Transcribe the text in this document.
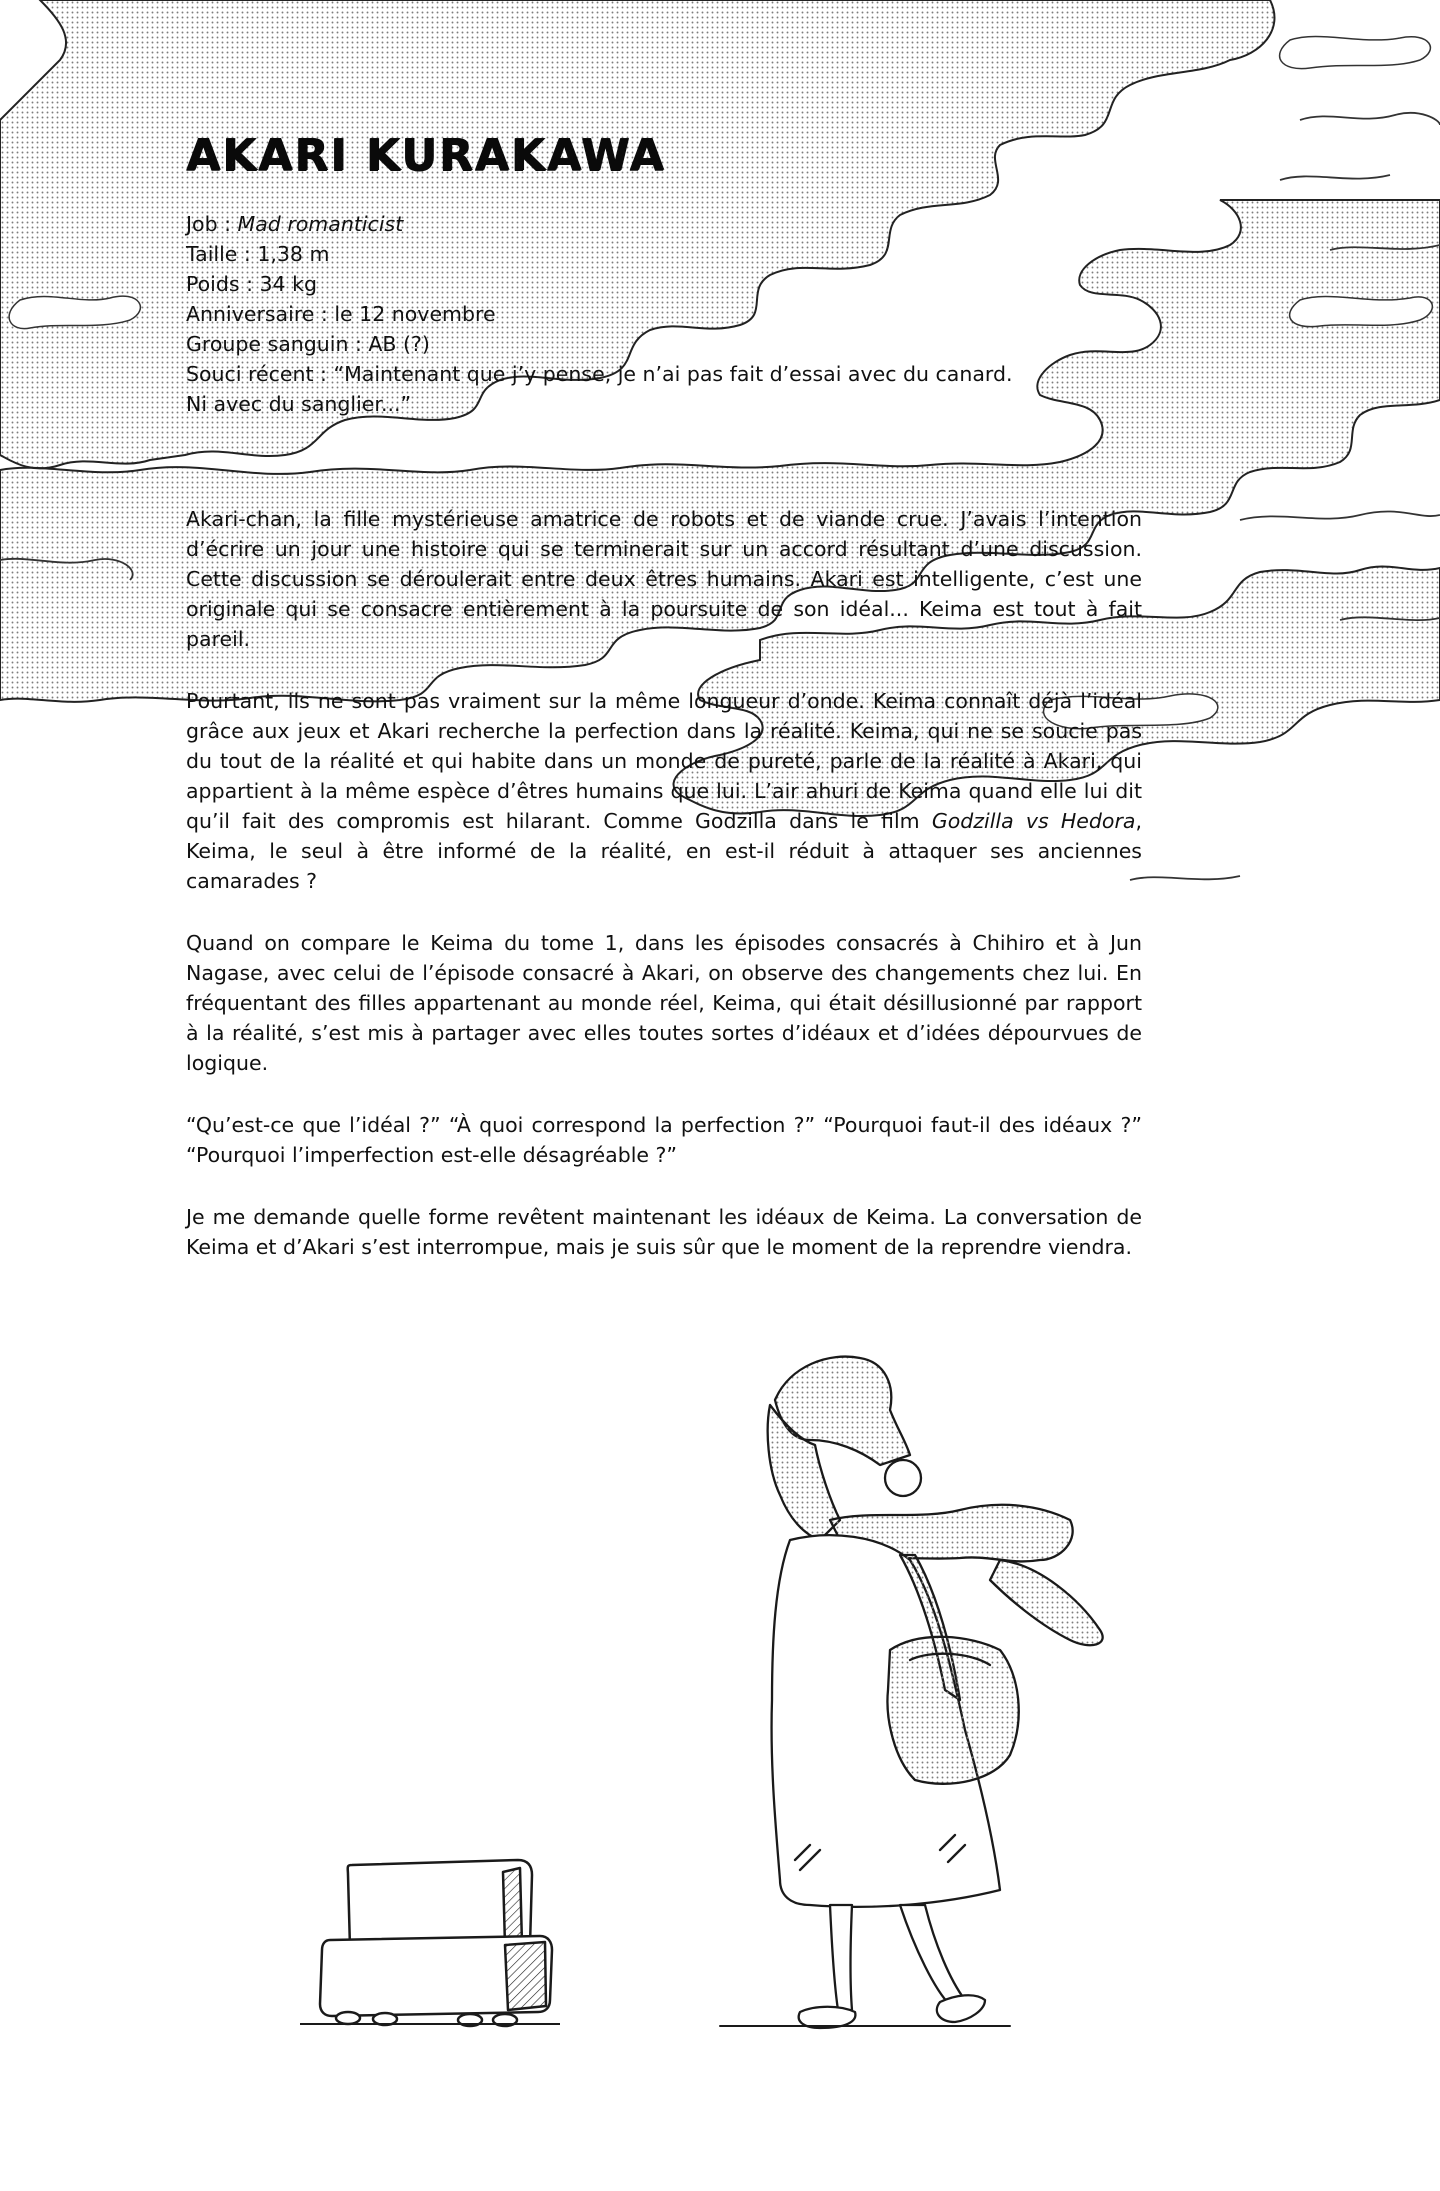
AKARI KURAKAWA
Job : Mad romanticist
Taille : 1,38 m
Poids : 34 kg
Anniversaire : le 12 novembre
Groupe sanguin : AB (?)
Souci récent : “Maintenant que j’y pense, je n’ai pas fait d’essai avec du canard.
Ni avec du sanglier...”

Akari-chan, la fille mystérieuse amatrice de robots et de viande crue. J’avais l’intention d’écrire un jour une histoire qui se terminerait sur un accord résultant d’une discussion. Cette discussion se déroulerait entre deux êtres humains. Akari est intelligente, c’est une originale qui se consacre entièrement à la poursuite de son idéal... Keima est tout à fait pareil.

Pourtant, ils ne sont pas vraiment sur la même longueur d’onde. Keima connaît déjà l’idéal grâce aux jeux et Akari recherche la perfection dans la réalité. Keima, qui ne se soucie pas du tout de la réalité et qui habite dans un monde de pureté, parle de la réalité à Akari, qui appartient à la même espèce d’êtres humains que lui. L’air ahuri de Keima quand elle lui dit qu’il fait des compromis est hilarant. Comme Godzilla dans le film Godzilla vs Hedora, Keima, le seul à être informé de la réalité, en est-il réduit à attaquer ses anciennes camarades ?

Quand on compare le Keima du tome 1, dans les épisodes consacrés à Chihiro et à Jun Nagase, avec celui de l’épisode consacré à Akari, on observe des changements chez lui. En fréquentant des filles appartenant au monde réel, Keima, qui était désillusionné par rapport à la réalité, s’est mis à partager avec elles toutes sortes d’idéaux et d’idées dépourvues de logique.

“Qu’est-ce que l’idéal ?” “À quoi correspond la perfection ?” “Pourquoi faut-il des idéaux ?” “Pourquoi l’imperfection est-elle désagréable ?”

Je me demande quelle forme revêtent maintenant les idéaux de Keima. La conversation de Keima et d’Akari s’est interrompue, mais je suis sûr que le moment de la reprendre viendra.
